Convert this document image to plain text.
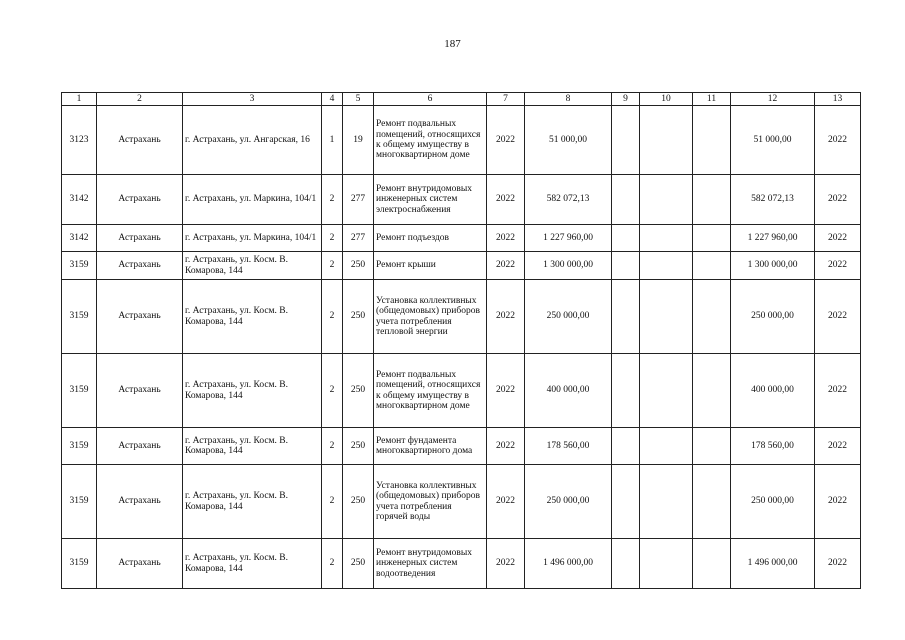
187
1	2	3	4	5	6	7	8	9	10	11	12	13
3123	Астрахань	г. Астрахань, ул. Ангарская, 16	1	19	Ремонт подвальных помещений, относящихся к общему имуществу в многоквартирном доме	2022	51 000,00				51 000,00	2022
3142	Астрахань	г. Астрахань, ул. Маркина, 104/1	2	277	Ремонт внутридомовых инженерных систем электроснабжения	2022	582 072,13				582 072,13	2022
3142	Астрахань	г. Астрахань, ул. Маркина, 104/1	2	277	Ремонт подъездов	2022	1 227 960,00				1 227 960,00	2022
3159	Астрахань	г. Астрахань, ул. Косм. В. Комарова, 144	2	250	Ремонт крыши	2022	1 300 000,00				1 300 000,00	2022
3159	Астрахань	г. Астрахань, ул. Косм. В. Комарова, 144	2	250	Установка коллективных (общедомовых) приборов учета потребления тепловой энергии	2022	250 000,00				250 000,00	2022
3159	Астрахань	г. Астрахань, ул. Косм. В. Комарова, 144	2	250	Ремонт подвальных помещений, относящихся к общему имуществу в многоквартирном доме	2022	400 000,00				400 000,00	2022
3159	Астрахань	г. Астрахань, ул. Косм. В. Комарова, 144	2	250	Ремонт фундамента многоквартирного дома	2022	178 560,00				178 560,00	2022
3159	Астрахань	г. Астрахань, ул. Косм. В. Комарова, 144	2	250	Установка коллективных (общедомовых) приборов учета потребления горячей воды	2022	250 000,00				250 000,00	2022
3159	Астрахань	г. Астрахань, ул. Косм. В. Комарова, 144	2	250	Ремонт внутридомовых инженерных систем водоотведения	2022	1 496 000,00				1 496 000,00	2022
